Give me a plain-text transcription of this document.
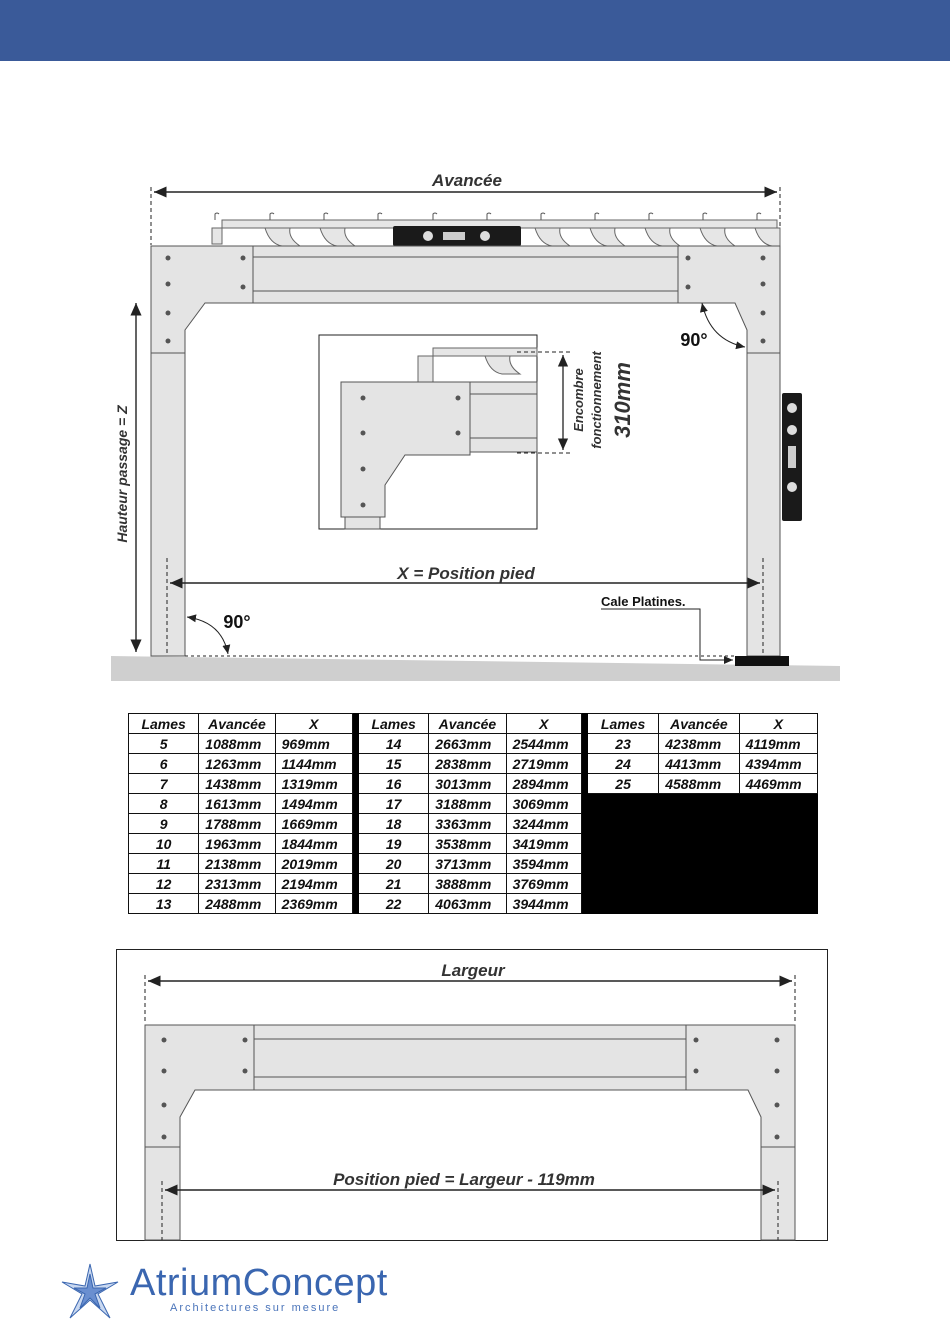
Avancée
Hauteur passage = Z
90°
90°
X = Position pied
Cale Platines.
Encombre fonctionnement 310mm
Lames	Avancée	X		Lames	Avancée	X		Lames	Avancée	X
5	1088mm	969mm		14	2663mm	2544mm		23	4238mm	4119mm
6	1263mm	1144mm		15	2838mm	2719mm		24	4413mm	4394mm
7	1438mm	1319mm		16	3013mm	2894mm		25	4588mm	4469mm
8	1613mm	1494mm		17	3188mm	3069mm				
9	1788mm	1669mm		18	3363mm	3244mm				
10	1963mm	1844mm		19	3538mm	3419mm				
11	2138mm	2019mm		20	3713mm	3594mm				
12	2313mm	2194mm		21	3888mm	3769mm				
13	2488mm	2369mm		22	4063mm	3944mm				
Largeur
Position pied = Largeur - 119mm
AtriumConcept
Architectures sur mesure
